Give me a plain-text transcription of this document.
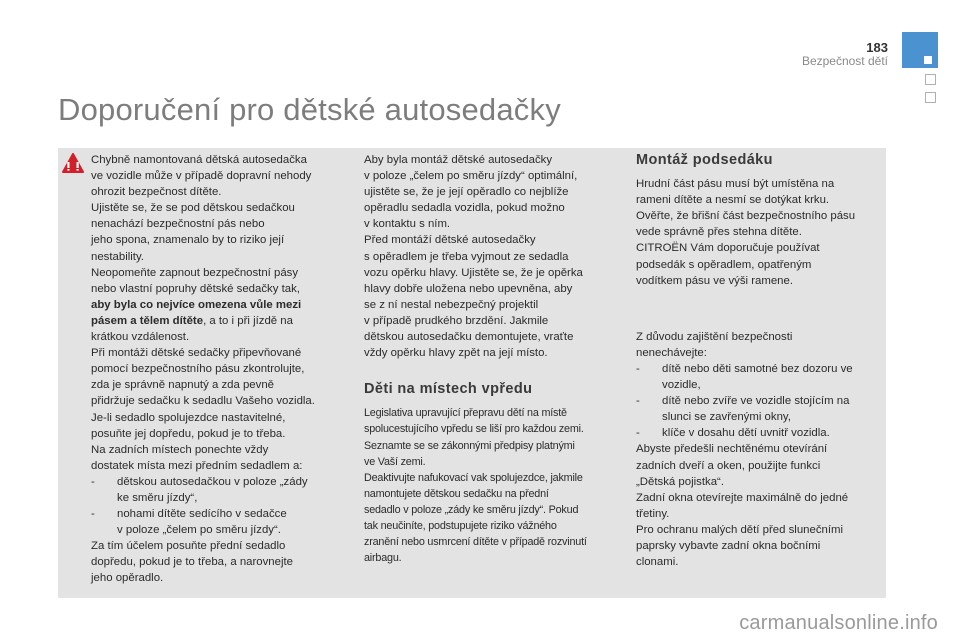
183
Bezpečnost dětí
Doporučení pro dětské autosedačky

Chybně namontovaná dětská autosedačka

ve vozidle může v případě dopravní nehody

ohrozit bezpečnost dítěte.

Ujistěte se, že se pod dětskou sedačkou

nenachází bezpečnostní pás nebo

jeho spona, znamenalo by to riziko její

nestability.

Neopomeňte zapnout bezpečnostní pásy

nebo vlastní popruhy dětské sedačky tak,

aby byla co nejvíce omezena vůle mezi

pásem a tělem dítěte, a to i při jízdě na

krátkou vzdálenost.

Při montáži dětské sedačky připevňované

pomocí bezpečnostního pásu zkontrolujte,

zda je správně napnutý a zda pevně

přidržuje sedačku k sedadlu Vašeho vozidla.

Je-li sedadlo spolujezdce nastavitelné,

posuňte jej dopředu, pokud je to třeba.

Na zadních místech ponechte vždy

dostatek místa mezi předním sedadlem a:

- dětskou autosedačkou v poloze „zády

ke směru jízdy“,

- nohami dítěte sedícího v sedačce

v poloze „čelem po směru jízdy“.

Za tím účelem posuňte přední sedadlo

dopředu, pokud je to třeba, a narovnejte

jeho opěradlo.

Aby byla montáž dětské autosedačky

v poloze „čelem po směru jízdy“ optimální,

ujistěte se, že je její opěradlo co nejblíže

opěradlu sedadla vozidla, pokud možno

v kontaktu s ním.

Před montáží dětské autosedačky

s opěradlem je třeba vyjmout ze sedadla

vozu opěrku hlavy. Ujistěte se, že je opěrka

hlavy dobře uložena nebo upevněna, aby

se z ní nestal nebezpečný projektil

v případě prudkého brzdění. Jakmile

dětskou autosedačku demontujete, vraťte

vždy opěrku hlavy zpět na její místo.

Děti na místech vpředu

Legislativa upravující přepravu dětí na místě

spolucestujícího vpředu se liší pro každou zemi.

Seznamte se se zákonnými předpisy platnými

ve Vaší zemi.

Deaktivujte nafukovací vak spolujezdce, jakmile

namontujete dětskou sedačku na přední

sedadlo v poloze „zády ke směru jízdy“. Pokud

tak neučiníte, podstupujete riziko vážného

zranění nebo usmrcení dítěte v případě rozvinutí

airbagu.

Montáž podsedáku

Hrudní část pásu musí být umístěna na

rameni dítěte a nesmí se dotýkat krku.

Ověřte, že břišní část bezpečnostního pásu

vede správně přes stehna dítěte.

CITROËN Vám doporučuje používat

podsedák s opěradlem, opatřeným

vodítkem pásu ve výši ramene.

Z důvodu zajištění bezpečnosti

nenechávejte:

- dítě nebo děti samotné bez dozoru ve

vozidle,

- dítě nebo zvíře ve vozidle stojícím na

slunci se zavřenými okny,

- klíče v dosahu dětí uvnitř vozidla.

Abyste předešli nechtěnému otevírání

zadních dveří a oken, použijte funkci

„Dětská pojistka“.

Zadní okna otevírejte maximálně do jedné

třetiny.

Pro ochranu malých dětí před slunečními

paprsky vybavte zadní okna bočními

clonami.

carmanualsonline.info
